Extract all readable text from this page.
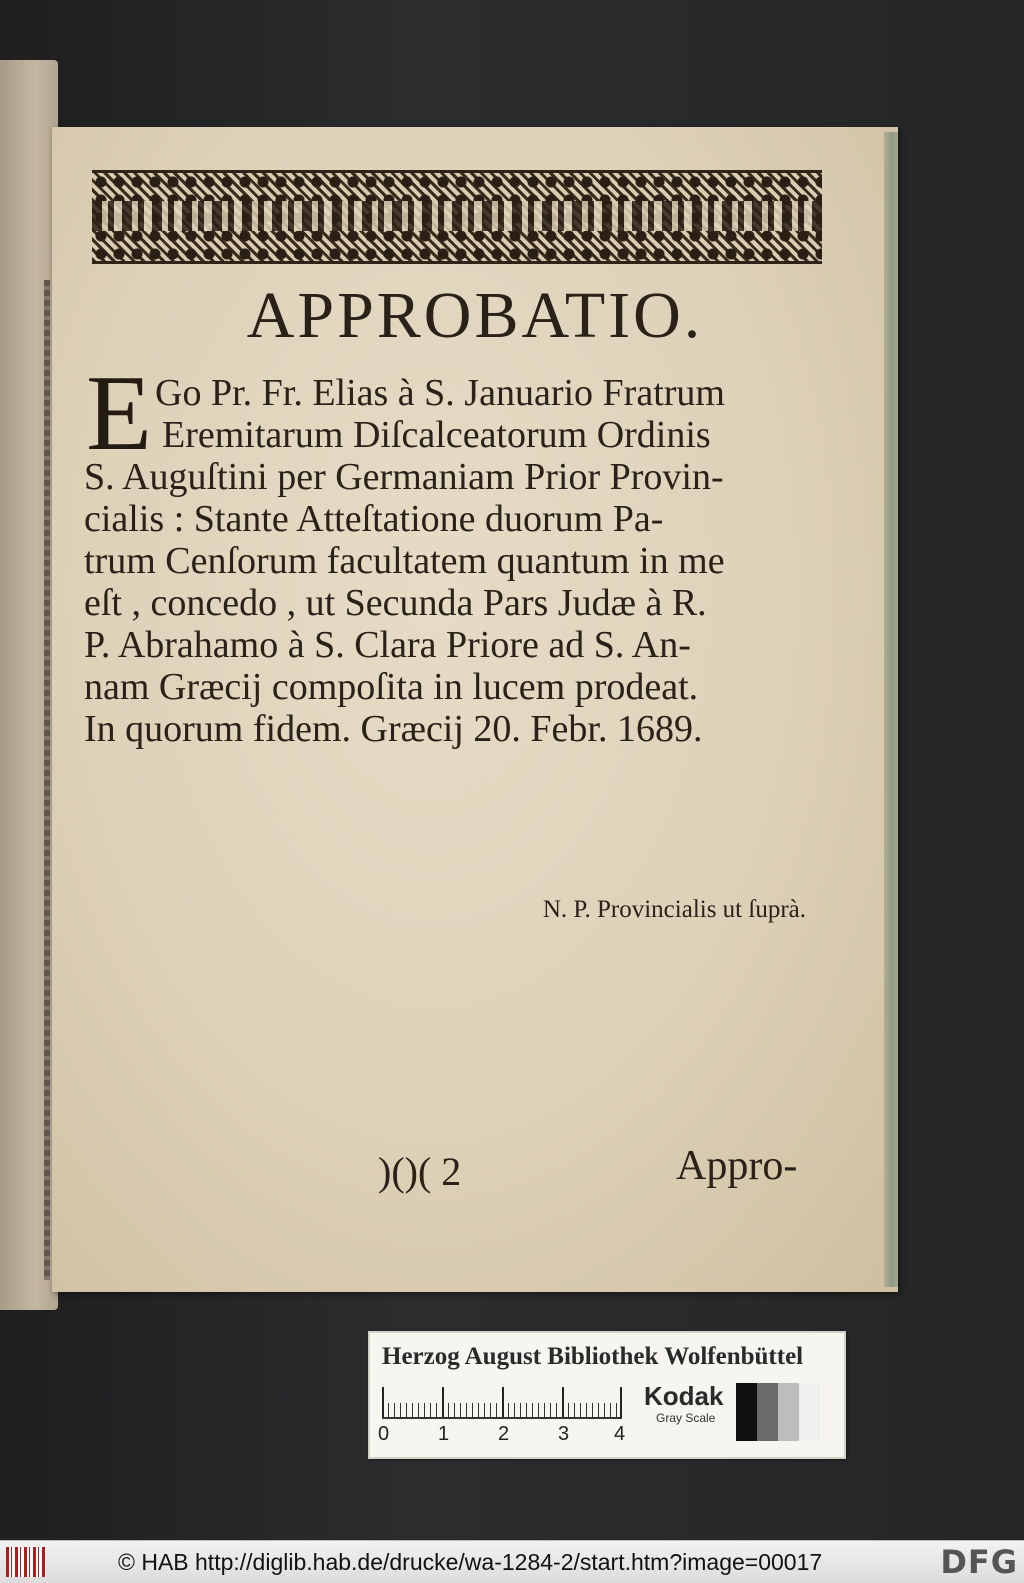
APPROBATIO.
E Go Pr. Fr. Elias à S. Januario Fratrum

Eremitarum Diſcalceatorum Ordinis

S. Auguſtini per Germaniam Prior Provin-

cialis : Stante Atteſtatione duorum Pa-

trum Cenſorum facultatem quantum in me

eſt , concedo , ut Secunda Pars Judæ à R.

P. Abrahamo à S. Clara Priore ad S. An-

nam Græcij compoſita in lucem prodeat.

In quorum fidem. Græcij 20. Febr. 1689.

N. P. Provincialis ut ſuprà.
)()( 2	Appro-

Herzog August Bibliothek Wolfenbüttel

0 1 2 3 4
Kodak
Gray Scale
© HAB http://diglib.hab.de/drucke/wa-1284-2/start.htm?image=00017	DFG
